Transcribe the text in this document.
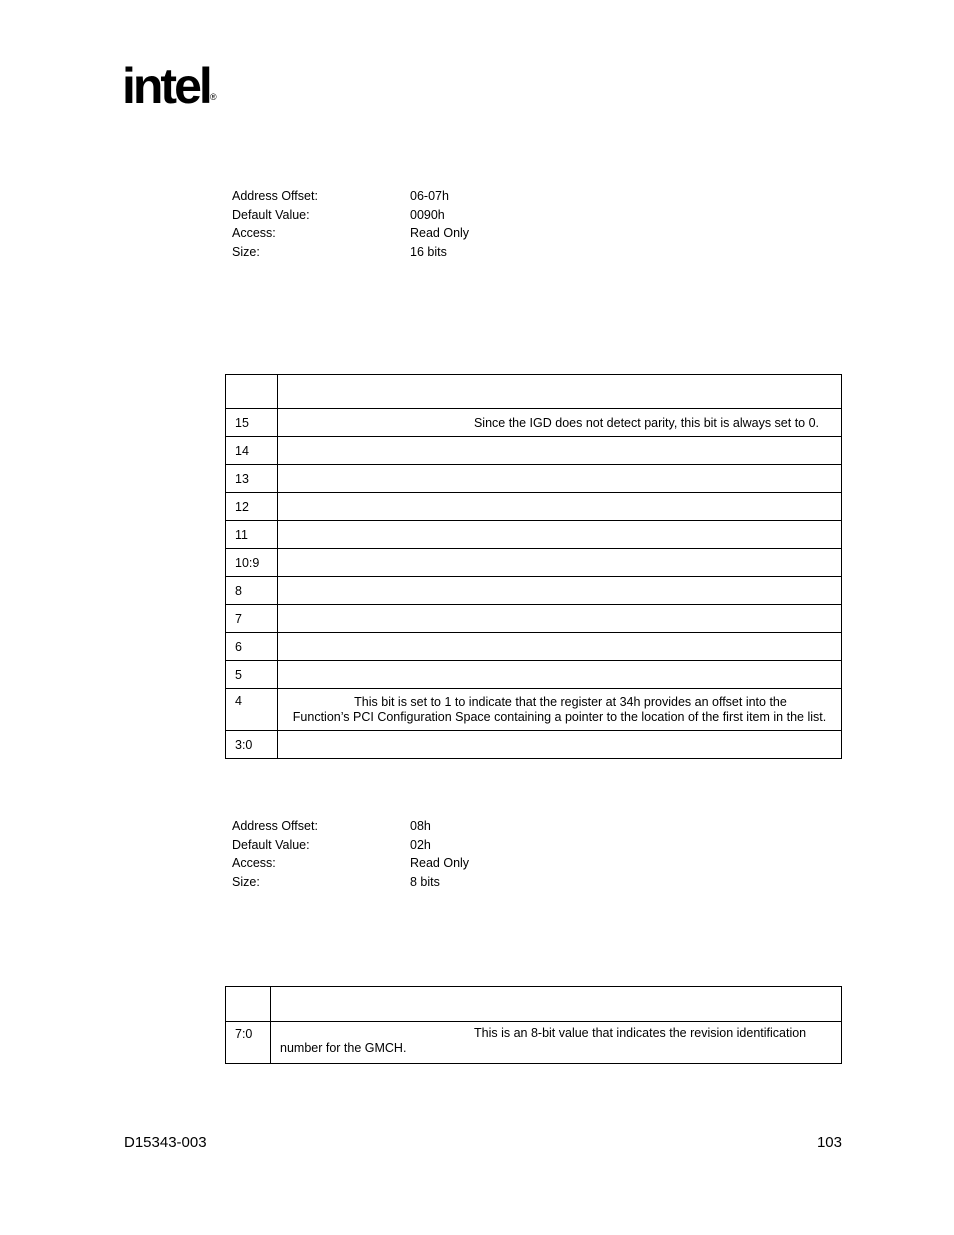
intel ®
Address Offset:	06-07h
Default Value:	0090h
Access:	Read Only
Size:	16 bits

15	Since the IGD does not detect parity, this bit is always set to 0.
14	
13	
12	
11	
10:9	
8	
7	
6	
5	
4	This bit is set to 1 to indicate that the register at 34h provides an offset into the
Function’s PCI Configuration Space containing a pointer to the location of the first item in the list.

3:0	
Address Offset:	08h
Default Value:	02h
Access:	Read Only
Size:	8 bits

7:0	This is an 8-bit value that indicates the revision identification
number for the GMCH.
D15343-003	103
